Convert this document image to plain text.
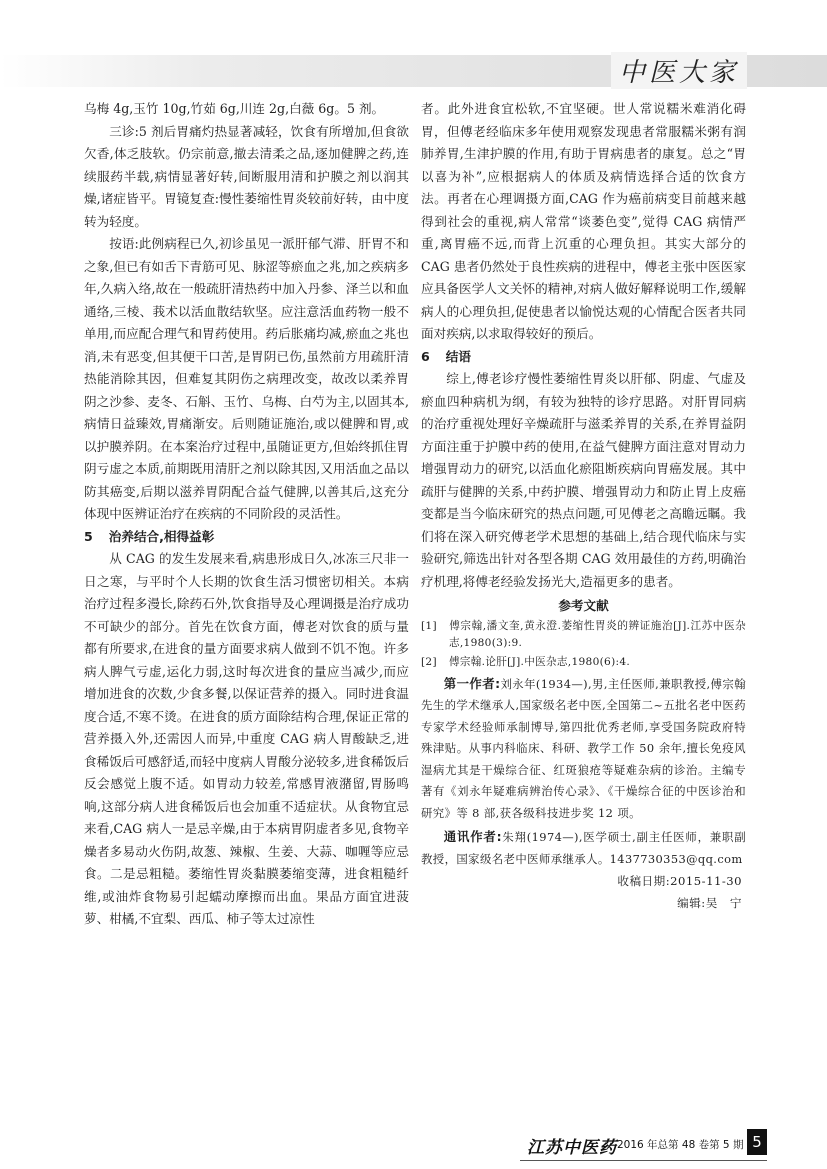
中医大家

乌梅 4g,玉竹 10g,竹茹 6g,川连 2g,白薇 6g。5 剂。

三诊:5 剂后胃痛灼热显著减轻，饮食有所增加,但食欲欠香,体乏肢软。仍宗前意,撤去清柔之品,逐加健脾之药,连续服药半载,病情显著好转,间断服用清和护膜之剂以润其燥,诸症皆平。胃镜复查:慢性萎缩性胃炎较前好转，由中度转为轻度。

按语:此例病程已久,初诊虽见一派肝郁气滞、肝胃不和之象,但已有如舌下青筋可见、脉涩等瘀血之兆,加之疾病多年,久病入络,故在一般疏肝清热药中加入丹参、泽兰以和血通络,三棱、莪术以活血散结软坚。应注意活血药物一般不单用,而应配合理气和胃药使用。药后胀痛均减,瘀血之兆也消,未有恶变,但其便干口苦,是胃阴已伤,虽然前方用疏肝清热能消除其因，但难复其阴伤之病理改变，故改以柔养胃阴之沙参、麦冬、石斛、玉竹、乌梅、白芍为主,以固其本,病情日益臻效,胃痛渐安。后则随证施治,或以健脾和胃,或以护膜养阴。在本案治疗过程中,虽随证更方,但始终抓住胃阴亏虚之本质,前期既用清肝之剂以除其因,又用活血之品以防其癌变,后期以滋养胃阴配合益气健脾,以善其后,这充分体现中医辨证治疗在疾病的不同阶段的灵活性。

5 治养结合,相得益彰

从 CAG 的发生发展来看,病患形成日久,冰冻三尺非一日之寒，与平时个人长期的饮食生活习惯密切相关。本病治疗过程多漫长,除药石外,饮食指导及心理调摄是治疗成功不可缺少的部分。首先在饮食方面，傅老对饮食的质与量都有所要求,在进食的量方面要求病人做到不饥不饱。许多病人脾气亏虚,运化力弱,这时每次进食的量应当减少,而应增加进食的次数,少食多餐,以保证营养的摄入。同时进食温度合适,不寒不烫。在进食的质方面除结构合理,保证正常的营养摄入外,还需因人而异,中重度 CAG 病人胃酸缺乏,进食稀饭后可感舒适,而轻中度病人胃酸分泌较多,进食稀饭后反会感觉上腹不适。如胃动力较差,常感胃液潴留,胃肠鸣响,这部分病人进食稀饭后也会加重不适症状。从食物宜忌来看,CAG 病人一是忌辛燥,由于本病胃阴虚者多见,食物辛燥者多易动火伤阴,故葱、辣椒、生姜、大蒜、咖喱等应忌食。二是忌粗糙。萎缩性胃炎黏膜萎缩变薄，进食粗糙纤维,或油炸食物易引起蠕动摩擦而出血。果品方面宜进菠萝、柑橘,不宜梨、西瓜、柿子等太过凉性

者。此外进食宜松软,不宜坚硬。世人常说糯米难消化碍胃，但傅老经临床多年使用观察发现患者常服糯米粥有润肺养胃,生津护膜的作用,有助于胃病患者的康复。总之“胃以喜为补”,应根据病人的体质及病情选择合适的饮食方法。再者在心理调摄方面,CAG 作为癌前病变目前越来越得到社会的重视,病人常常“谈萎色变”,觉得 CAG 病情严重,离胃癌不远,而背上沉重的心理负担。其实大部分的 CAG 患者仍然处于良性疾病的进程中，傅老主张中医医家应具备医学人文关怀的精神,对病人做好解释说明工作,缓解病人的心理负担,促使患者以愉悦达观的心情配合医者共同面对疾病,以求取得较好的预后。

6 结语

综上,傅老诊疗慢性萎缩性胃炎以肝郁、阴虚、气虚及瘀血四种病机为纲，有较为独特的诊疗思路。对肝胃同病的治疗重视处理好辛燥疏肝与滋柔养胃的关系,在养胃益阴方面注重于护膜中药的使用,在益气健脾方面注意对胃动力增强胃动力的研究,以活血化瘀阻断疾病向胃癌发展。其中疏肝与健脾的关系,中药护膜、增强胃动力和防止胃上皮癌变都是当今临床研究的热点问题,可见傅老之高瞻远瞩。我们将在深入研究傅老学术思想的基础上,结合现代临床与实验研究,筛选出针对各型各期 CAG 效用最佳的方药,明确治疗机理,将傅老经验发扬光大,造福更多的患者。

参考文献
[1] 傅宗翰,潘文奎,黄永澄.萎缩性胃炎的辨证施治[J].江苏中医杂志,1980(3):9.
[2] 傅宗翰.论肝[J].中医杂志,1980(6):4.

第一作者:刘永年(1934—),男,主任医师,兼职教授,傅宗翰先生的学术继承人,国家级名老中医,全国第二~五批名老中医药专家学术经验师承制博导,第四批优秀老师,享受国务院政府特殊津贴。从事内科临床、科研、教学工作 50 余年,擅长免疫风湿病尤其是干燥综合征、红斑狼疮等疑难杂病的诊治。主编专著有《刘永年疑难病辨治传心录》、《干燥综合征的中医诊治和研究》等 8 部,获各级科技进步奖 12 项。

通讯作者:朱翔(1974—),医学硕士,副主任医师，兼职副教授，国家级名老中医师承继承人。1437730353@qq.com

收稿日期:2015-11-30

编辑:吴　宁

江苏中医药 2016 年总第 48 卷第 5 期 5
